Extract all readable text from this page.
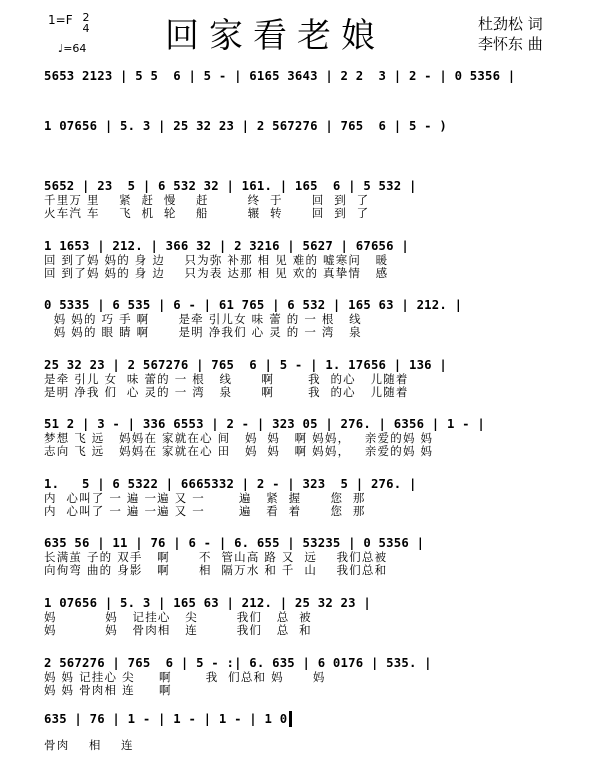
1=F 2
4
♩=64 回家看老娘	杜劲松 词
李怀东 曲
5653 2123 | 5 5  6 | 5 - | 6165 3643 | 2 2  3 | 2 - | 0 5356 |
1 07656 | 5. 3 | 25 32 23 | 2 567276 | 765  6 | 5 - )
5652 | 23  5 | 6 532 32 | 161. | 165  6 | 5 532 |
千里万 里    紧  赶  慢    赶        终  于      回  到  了
火车汽 车    飞  机  轮    船        辗  转      回  到  了
1 1653 | 212. | 366 32 | 2 3216 | 5627 | 67656 |
回 到了妈 妈的 身 边    只为弥 补那 相 见 难的 嘘寒问   暖
回 到了妈 妈的 身 边    只为表 达那 相 见 欢的 真挚情   感
0 5335 | 6 535 | 6 - | 61 765 | 6 532 | 165 63 | 212. |
妈 妈的 巧 手 啊      是牵 引儿女 味 蕾 的 一 根   线
妈 妈的 眼 睛 啊      是明 净我们 心 灵 的 一 湾   泉
25 32 23 | 2 567276 | 765  6 | 5 - | 1. 17656 | 136 |
是牵 引儿 女  味 蕾的 一 根   线      啊       我  的心   儿随着
是明 净我 们  心 灵的 一 湾   泉      啊       我  的心   儿随着
51 2 | 3 - | 336 6553 | 2 - | 323 05 | 276. | 6356 | 1 - |
梦想 飞 远   妈妈在 家就在心 间   妈  妈   啊 妈妈，   亲爱的妈 妈
志向 飞 远   妈妈在 家就在心 田   妈  妈   啊 妈妈，   亲爱的妈 妈
1.   5 | 6 5322 | 6665332 | 2 - | 323  5 | 276. |
内  心叫了 一 遍 一遍 又 一       遍   紧  握      您  那
内  心叫了 一 遍 一遍 又 一       遍   看  着      您  那
635 56 | 11 | 76 | 6 - | 6. 655 | 53235 | 0 5356 |
长满茧 子的 双手   啊      不  管山高 路 又  远    我们总被
向佝弯 曲的 身影   啊      相  隔万水 和 千  山    我们总和
1 07656 | 5. 3 | 165 63 | 212. | 25 32 23 |
妈          妈   记挂心   尖        我们   总  被
妈          妈   骨肉相   连        我们   总  和
2 567276 | 765  6 | 5 - :| 6. 635 | 6 0176 | 535. |
妈 妈 记挂心 尖     啊       我  们总和 妈      妈
妈 妈 骨肉相 连     啊
635 | 76 | 1 - | 1 - | 1 - | 1 0
骨肉    相    连
